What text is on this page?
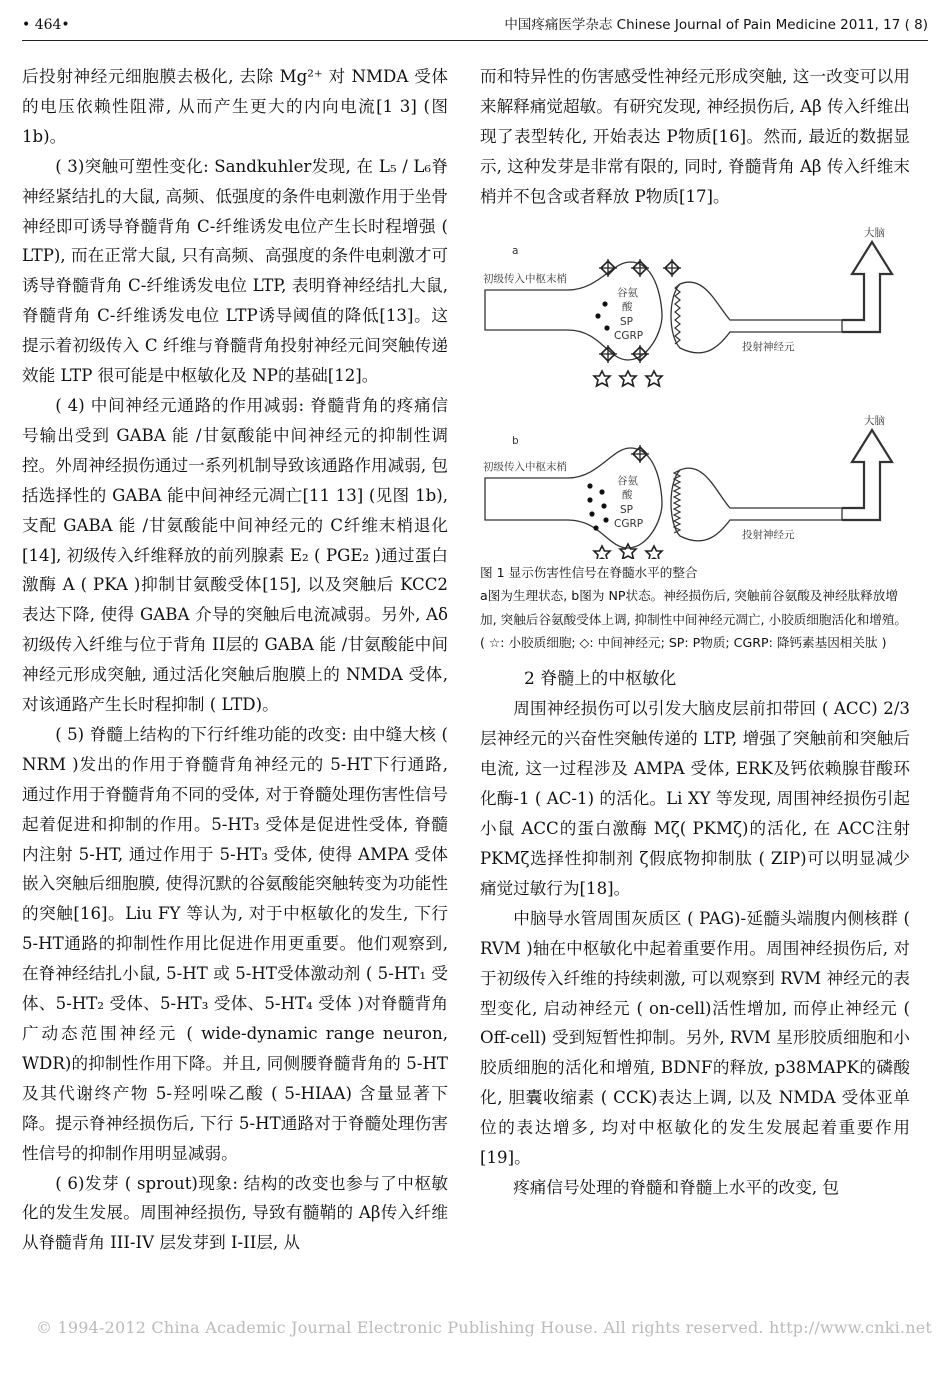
• 464•	中国疼痛医学杂志 Chinese Journal of Pain Medicine 2011, 17 ( 8)

后投射神经元细胞膜去极化, 去除 Mg²⁺ 对 NMDA 受体的电压依赖性阻滞, 从而产生更大的内向电流[1 3] (图 1b)。

( 3)突触可塑性变化: Sandkuhler发现, 在 L₅ / L₆脊神经紧结扎的大鼠, 高频、低强度的条件电刺激作用于坐骨神经即可诱导脊髓背角 C-纤维诱发电位产生长时程增强 ( LTP), 而在正常大鼠, 只有高频、高强度的条件电刺激才可诱导脊髓背角 C-纤维诱发电位 LTP, 表明脊神经结扎大鼠, 脊髓背角 C-纤维诱发电位 LTP诱导阈值的降低[13]。这提示着初级传入 C 纤维与脊髓背角投射神经元间突触传递效能 LTP 很可能是中枢敏化及 NP的基础[12]。

( 4) 中间神经元通路的作用减弱: 脊髓背角的疼痛信号输出受到 GABA 能 /甘氨酸能中间神经元的抑制性调控。外周神经损伤通过一系列机制导致该通路作用减弱, 包括选择性的 GABA 能中间神经元凋亡[11 13] (见图 1b), 支配 GABA 能 /甘氨酸能中间神经元的 C纤维末梢退化[14], 初级传入纤维释放的前列腺素 E₂ ( PGE₂ )通过蛋白激酶 A ( PKA )抑制甘氨酸受体[15], 以及突触后 KCC2 表达下降, 使得 GABA 介导的突触后电流减弱。另外, Aδ初级传入纤维与位于背角 II层的 GABA 能 /甘氨酸能中间神经元形成突触, 通过活化突触后胞膜上的 NMDA 受体, 对该通路产生长时程抑制 ( LTD)。

( 5) 脊髓上结构的下行纤维功能的改变: 由中缝大核 ( NRM )发出的作用于脊髓背角神经元的 5-HT下行通路, 通过作用于脊髓背角不同的受体, 对于脊髓处理伤害性信号起着促进和抑制的作用。5-HT₃ 受体是促进性受体, 脊髓内注射 5-HT, 通过作用于 5-HT₃ 受体, 使得 AMPA 受体嵌入突触后细胞膜, 使得沉默的谷氨酸能突触转变为功能性的突触[16]。Liu FY 等认为, 对于中枢敏化的发生, 下行 5-HT通路的抑制性作用比促进作用更重要。他们观察到, 在脊神经结扎小鼠, 5-HT 或 5-HT受体激动剂 ( 5-HT₁ 受体、5-HT₂ 受体、5-HT₃ 受体、5-HT₄ 受体 )对脊髓背角广动态范围神经元 ( wide-dynamic range neuron, WDR)的抑制性作用下降。并且, 同侧腰脊髓背角的 5-HT及其代谢终产物 5-羟吲哚乙酸 ( 5-HIAA) 含量显著下降。提示脊神经损伤后, 下行 5-HT通路对于脊髓处理伤害性信号的抑制作用明显减弱。

( 6)发芽 ( sprout)现象: 结构的改变也参与了中枢敏化的发生发展。周围神经损伤, 导致有髓鞘的 Aβ传入纤维从脊髓背角 III-IV 层发芽到 I-II层, 从

而和特异性的伤害感受性神经元形成突触, 这一改变可以用来解释痛觉超敏。有研究发现, 神经损伤后, Aβ 传入纤维出现了表型转化, 开始表达 P物质[16]。然而, 最近的数据显示, 这种发芽是非常有限的, 同时, 脊髓背角 Aβ 传入纤维末梢并不包含或者释放 P物质[17]。

a
初级传入中枢末梢
谷氨
酸
SP
CGRP
大脑
投射神经元
b
初级传入中枢末梢
谷氨
酸
SP
CGRP
大脑
投射神经元
图 1 显示伤害性信号在脊髓水平的整合
a图为生理状态, b图为 NP状态。神经损伤后, 突触前谷氨酸及神经肽释放增加, 突触后谷氨酸受体上调, 抑制性中间神经元凋亡, 小胶质细胞活化和增殖。( ☆: 小胶质细胞; ◇: 中间神经元; SP: P物质; CGRP: 降钙素基因相关肽 )

2 脊髓上的中枢敏化

周围神经损伤可以引发大脑皮层前扣带回 ( ACC) 2/3层神经元的兴奋性突触传递的 LTP, 增强了突触前和突触后电流, 这一过程涉及 AMPA 受体, ERK及钙依赖腺苷酸环化酶-1 ( AC-1) 的活化。Li XY 等发现, 周围神经损伤引起小鼠 ACC的蛋白激酶 Mζ( PKMζ)的活化, 在 ACC注射 PKMζ选择性抑制剂 ζ假底物抑制肽 ( ZIP)可以明显减少痛觉过敏行为[18]。

中脑导水管周围灰质区 ( PAG)-延髓头端腹内侧核群 ( RVM )轴在中枢敏化中起着重要作用。周围神经损伤后, 对于初级传入纤维的持续刺激, 可以观察到 RVM 神经元的表型变化, 启动神经元 ( on-cell)活性增加, 而停止神经元 ( Off-cell) 受到短暂性抑制。另外, RVM 星形胶质细胞和小胶质细胞的活化和增殖, BDNF的释放, p38MAPK的磷酸化, 胆囊收缩素 ( CCK)表达上调, 以及 NMDA 受体亚单位的表达增多, 均对中枢敏化的发生发展起着重要作用[19]。

疼痛信号处理的脊髓和脊髓上水平的改变, 包

© 1994-2012 China Academic Journal Electronic Publishing House. All rights reserved. http://www.cnki.net
